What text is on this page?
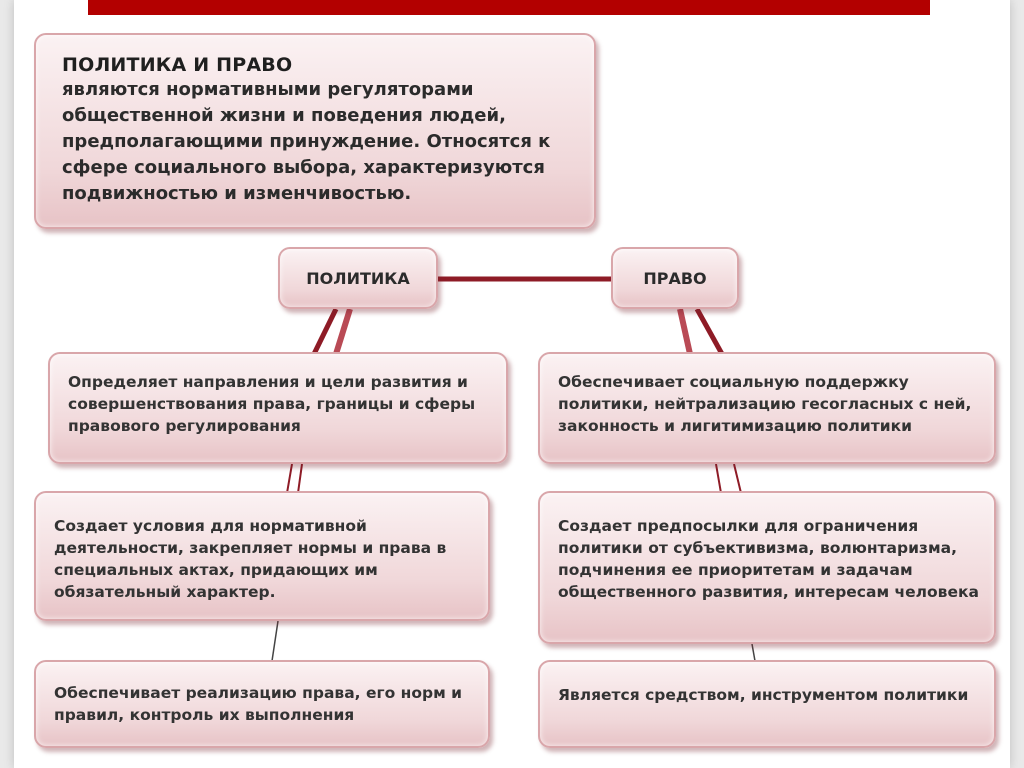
ПОЛИТИКА И ПРАВО
являются нормативными регуляторами общественной жизни и поведения людей, предполагающими принуждение. Относятся к сфере социального выбора, характеризуются подвижностью и изменчивостью.
ПОЛИТИКА	ПРАВО
Определяет направления и цели развития и совершенствования права, границы и сферы правового регулирования
Создает условия для нормативной деятельности, закрепляет нормы и права в специальных актах, придающих им обязательный характер.
Обеспечивает реализацию права, его норм и правил, контроль их выполнения
Обеспечивает социальную поддержку политики, нейтрализацию гесогласных с ней, законность и лигитимизацию политики
Создает предпосылки для ограничения политики от субъективизма, волюнтаризма, подчинения ее приоритетам и задачам общественного развития, интересам человека
Является средством, инструментом политики
